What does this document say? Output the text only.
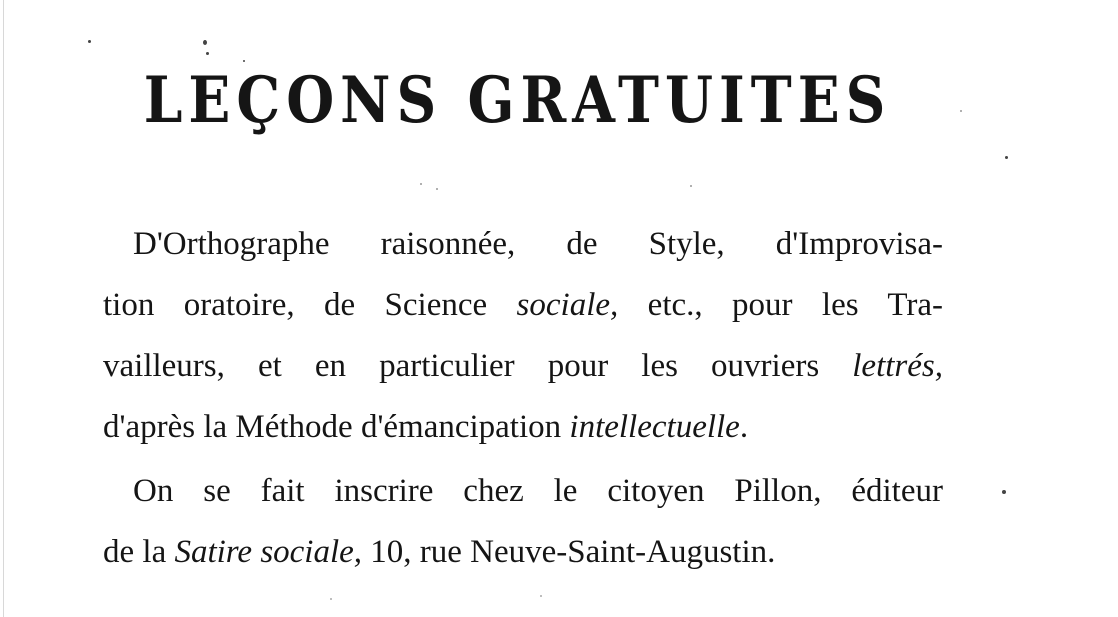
LEÇONS GRATUITES
D'Orthographe raisonnée, de Style, d'Improvisa-
tion oratoire, de Science sociale, etc., pour les Tra-
vailleurs, et en particulier pour les ouvriers lettrés,
d'après la Méthode d'émancipation intellectuelle.
On se fait inscrire chez le citoyen Pillon, éditeur
de la Satire sociale, 10, rue Neuve-Saint-Augustin.
